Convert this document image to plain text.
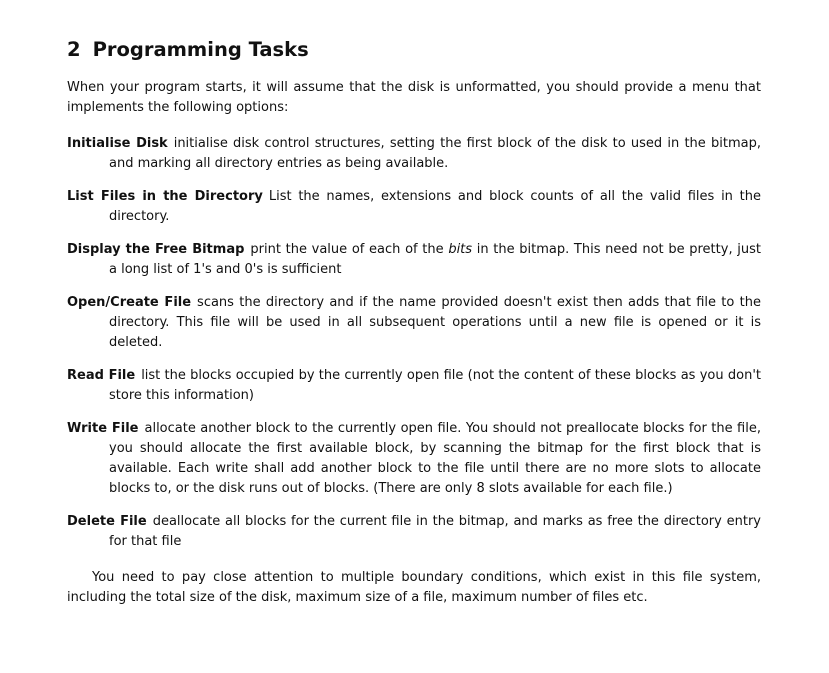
2 Programming Tasks

When your program starts, it will assume that the disk is unformatted, you should provide a menu that implements the following options:

Initialise Disk initialise disk control structures, setting the first block of the disk to used in the bitmap, and marking all directory entries as being available.

List Files in the Directory List the names, extensions and block counts of all the valid files in the directory.

Display the Free Bitmap print the value of each of the bits in the bitmap. This need not be pretty, just a long list of 1's and 0's is sufficient

Open/Create File scans the directory and if the name provided doesn't exist then adds that file to the directory. This file will be used in all subsequent operations until a new file is opened or it is deleted.

Read File list the blocks occupied by the currently open file (not the content of these blocks as you don't store this information)

Write File allocate another block to the currently open file. You should not preallocate blocks for the file, you should allocate the first available block, by scanning the bitmap for the first block that is available. Each write shall add another block to the file until there are no more slots to allocate blocks to, or the disk runs out of blocks. (There are only 8 slots available for each file.)

Delete File deallocate all blocks for the current file in the bitmap, and marks as free the directory entry for that file

You need to pay close attention to multiple boundary conditions, which exist in this file system, including the total size of the disk, maximum size of a file, maximum number of files etc.
